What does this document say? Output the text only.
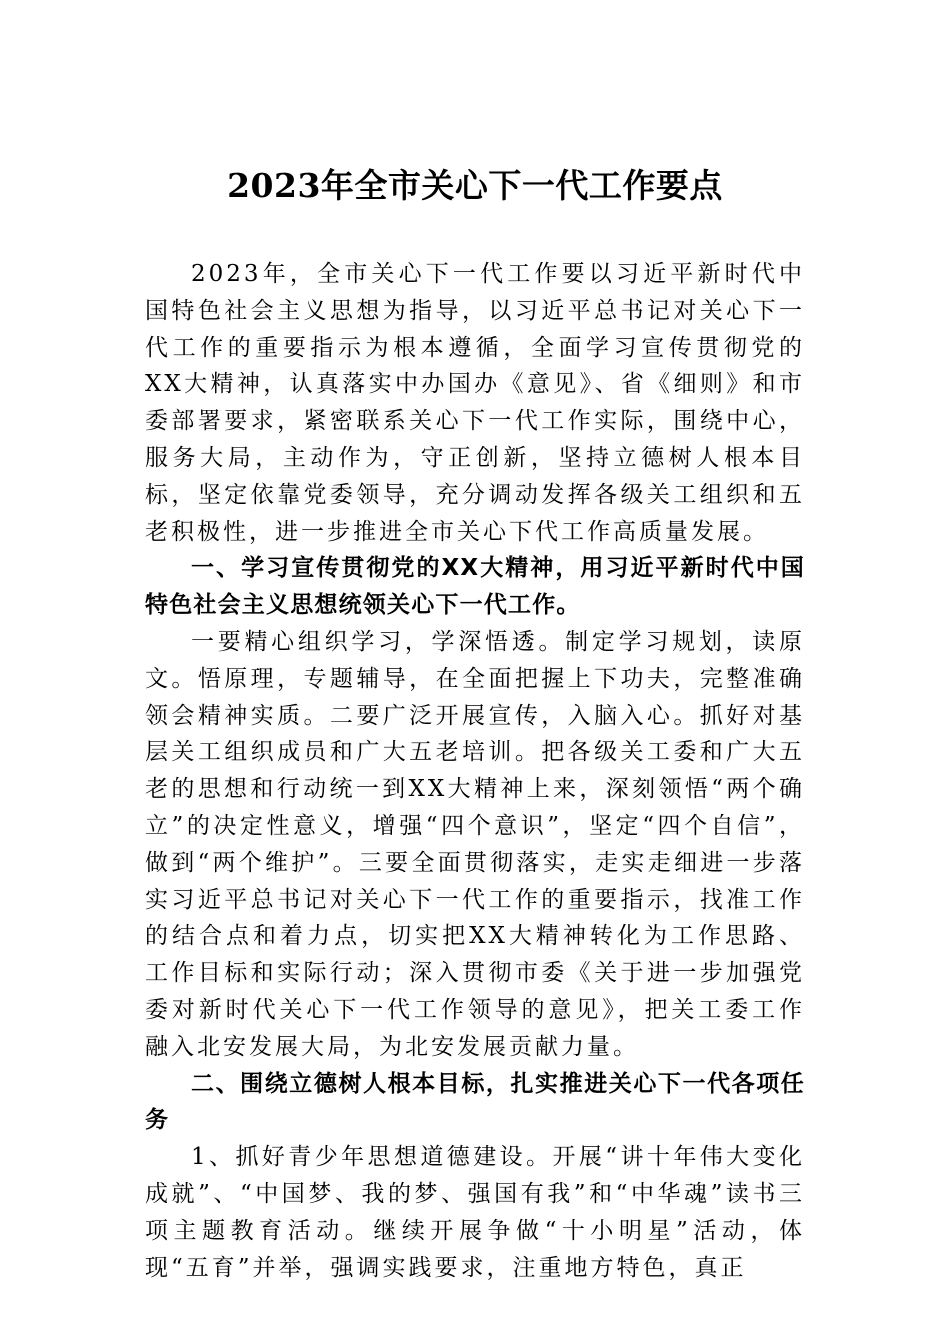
2023年全市关心下一代工作要点

2023年，全市关心下一代工作要以习近平新时代中国特色社会主义思想为指导，以习近平总书记对关心下一代工作的重要指示为根本遵循，全面学习宣传贯彻党的XX大精神，认真落实中办国办《意见》、省《细则》和市委部署要求，紧密联系关心下一代工作实际，围绕中心，服务大局，主动作为，守正创新，坚持立德树人根本目标，坚定依靠党委领导，充分调动发挥各级关工组织和五老积极性，进一步推进全市关心下代工作高质量发展。

一、学习宣传贯彻党的XX大精神，用习近平新时代中国特色社会主义思想统领关心下一代工作。

一要精心组织学习，学深悟透。制定学习规划，读原文。悟原理，专题辅导，在全面把握上下功夫，完整准确领会精神实质。二要广泛开展宣传，入脑入心。抓好对基层关工组织成员和广大五老培训。把各级关工委和广大五老的思想和行动统一到XX大精神上来，深刻领悟“两个确立”的决定性意义，增强“四个意识”，坚定“四个自信”，做到“两个维护”。三要全面贯彻落实，走实走细进一步落实习近平总书记对关心下一代工作的重要指示，找准工作的结合点和着力点，切实把XX大精神转化为工作思路、工作目标和实际行动；深入贯彻市委《关于进一步加强党委对新时代关心下一代工作领导的意见》，把关工委工作融入北安发展大局，为北安发展贡献力量。

二、围绕立德树人根本目标，扎实推进关心下一代各项任务

1、抓好青少年思想道德建设。开展“讲十年伟大变化成就”、“中国梦、我的梦、强国有我”和“中华魂”读书三项主题教育活动。继续开展争做“十小明星”活动，体现“五育”并举，强调实践要求，注重地方特色，真正
